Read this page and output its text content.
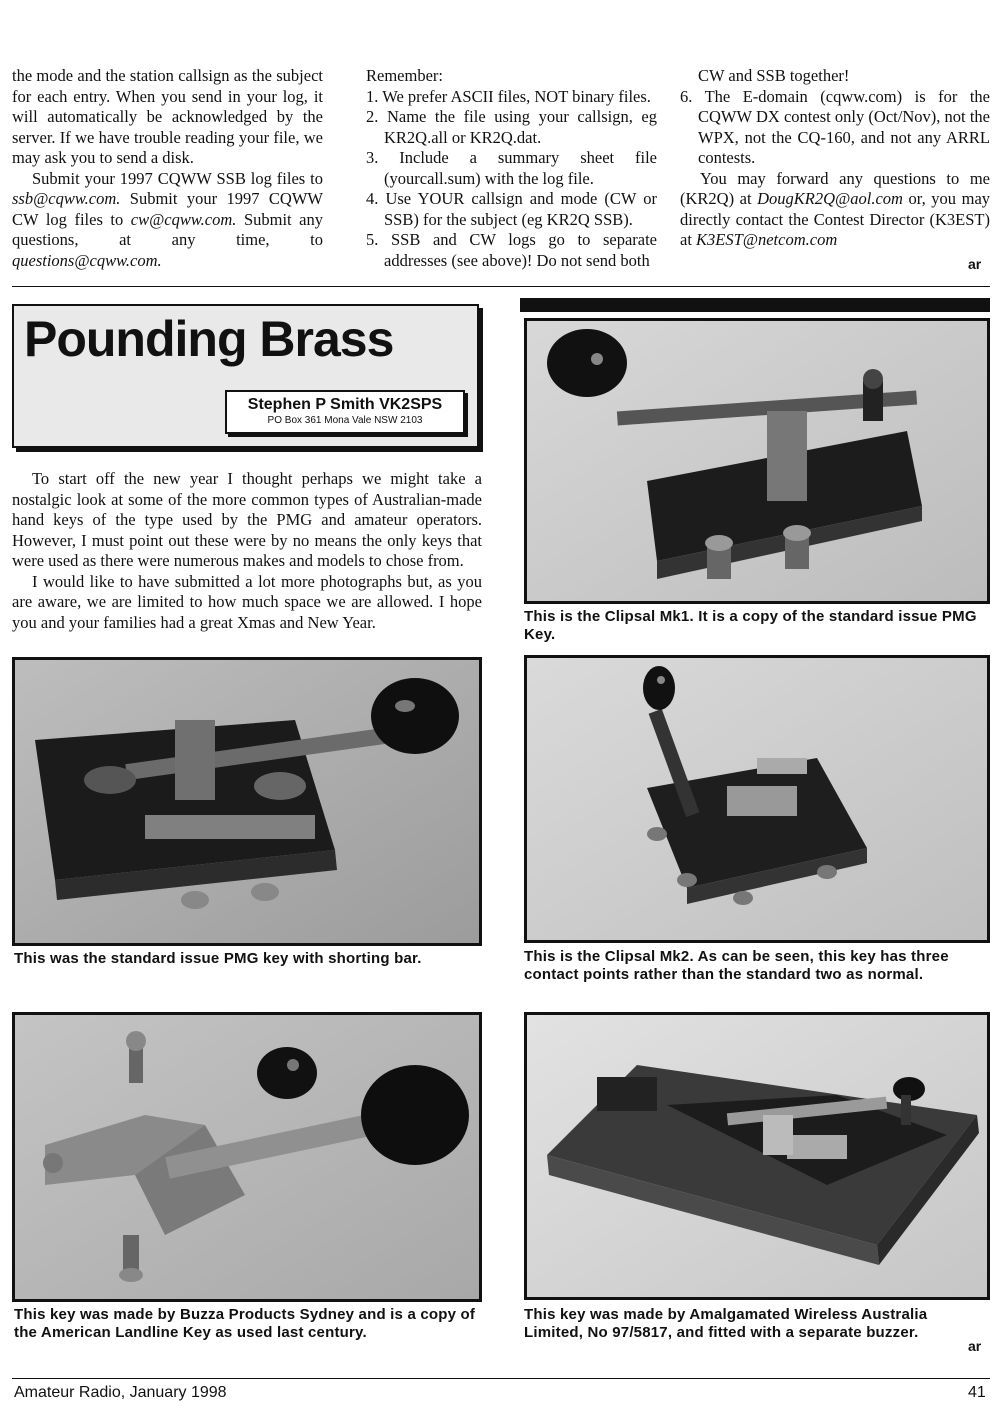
the mode and the station callsign as the subject for each entry. When you send in your log, it will automatically be acknowledged by the server. If we have trouble reading your file, we may ask you to send a disk.

Submit your 1997 CQWW SSB log files to ssb@cqww.com. Submit your 1997 CQWW CW log files to cw@cqww.com. Submit any questions, at any time, to questions@cqww.com.

Remember:

1. We prefer ASCII files, NOT binary files.

2. Name the file using your callsign, eg KR2Q.all or KR2Q.dat.

3. Include a summary sheet file (yourcall.sum) with the log file.

4. Use YOUR callsign and mode (CW or SSB) for the subject (eg KR2Q SSB).

5. SSB and CW logs go to separate addresses (see above)! Do not send both

CW and SSB together!

6. The E-domain (cqww.com) is for the CQWW DX contest only (Oct/Nov), not the WPX, not the CQ-160, and not any ARRL contests.

You may forward any questions to me (KR2Q) at DougKR2Q@aol.com or, you may directly contact the Contest Director (K3EST) at K3EST@netcom.com

ar
Pounding Brass
Stephen P Smith VK2SPS
PO Box 361 Mona Vale NSW 2103

To start off the new year I thought perhaps we might take a nostalgic look at some of the more common types of Australian-made hand keys of the type used by the PMG and amateur operators. However, I must point out these were by no means the only keys that were used as there were numerous makes and models to chose from.

I would like to have submitted a lot more photographs but, as you are aware, we are limited to how much space we are allowed. I hope you and your families had a great Xmas and New Year.	This is the Clipsal Mk1. It is a copy of the standard issue PMG Key.
This was the standard issue PMG key with shorting bar.	This is the Clipsal Mk2. As can be seen, this key has three contact points rather than the standard two as normal.
This key was made by Buzza Products Sydney and is a copy of the American Landline Key as used last century.
This key was made by Amalgamated Wireless Australia Limited, No 97/5817, and fitted with a separate buzzer.
ar
Amateur Radio, January 1998	41
